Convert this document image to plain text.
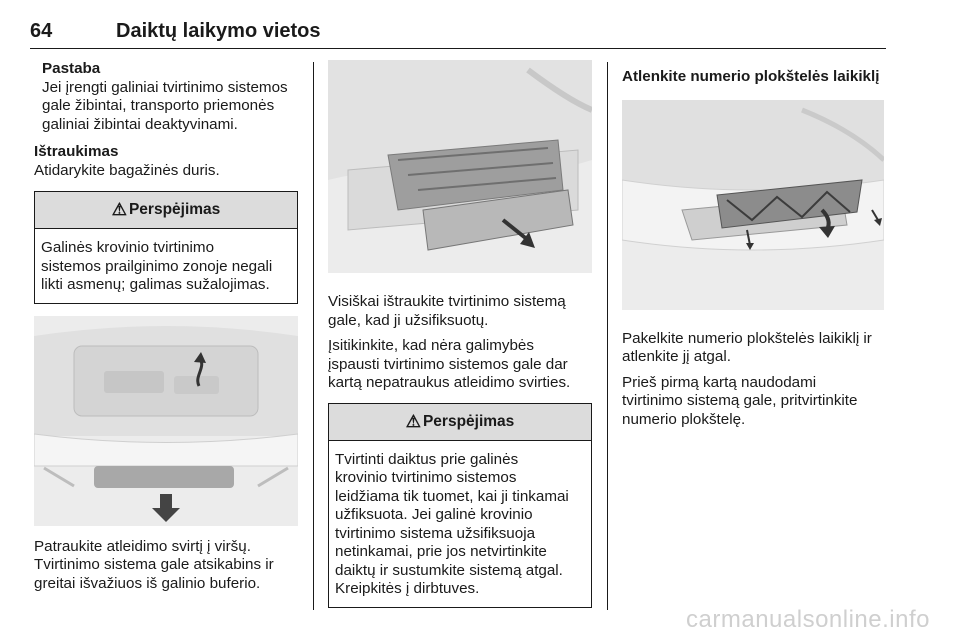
64	Daiktų laikymo vietos

Pastaba

Jei įrengti galiniai tvirtinimo sistemos

gale žibintai, transporto priemonės

galiniai žibintai deaktyvinami.

Ištraukimas

Atidarykite bagažinės duris.

⚠ Perspėjimas

Galinės krovinio tvirtinimo

sistemos prailginimo zonoje negali

likti asmenų; galimas sužalojimas.

Patraukite atleidimo svirtį į viršų.

Tvirtinimo sistema gale atsikabins ir

greitai išvažiuos iš galinio buferio.

Visiškai ištraukite tvirtinimo sistemą

gale, kad ji užsifiksuotų.

Įsitikinkite, kad nėra galimybės

įspausti tvirtinimo sistemos gale dar

kartą nepatraukus atleidimo svirties.

⚠ Perspėjimas

Tvirtinti daiktus prie galinės

krovinio tvirtinimo sistemos

leidžiama tik tuomet, kai ji tinkamai

užfiksuota. Jei galinė krovinio

tvirtinimo sistema užsifiksuoja

netinkamai, prie jos netvirtinkite

daiktų ir sustumkite sistemą atgal.

Kreipkitės į dirbtuves.

Atlenkite numerio plokštelės laikiklį

Pakelkite numerio plokštelės laikiklį ir

atlenkite jį atgal.

Prieš pirmą kartą naudodami

tvirtinimo sistemą gale, pritvirtinkite

numerio plokštelę.

carmanualsonline.info
